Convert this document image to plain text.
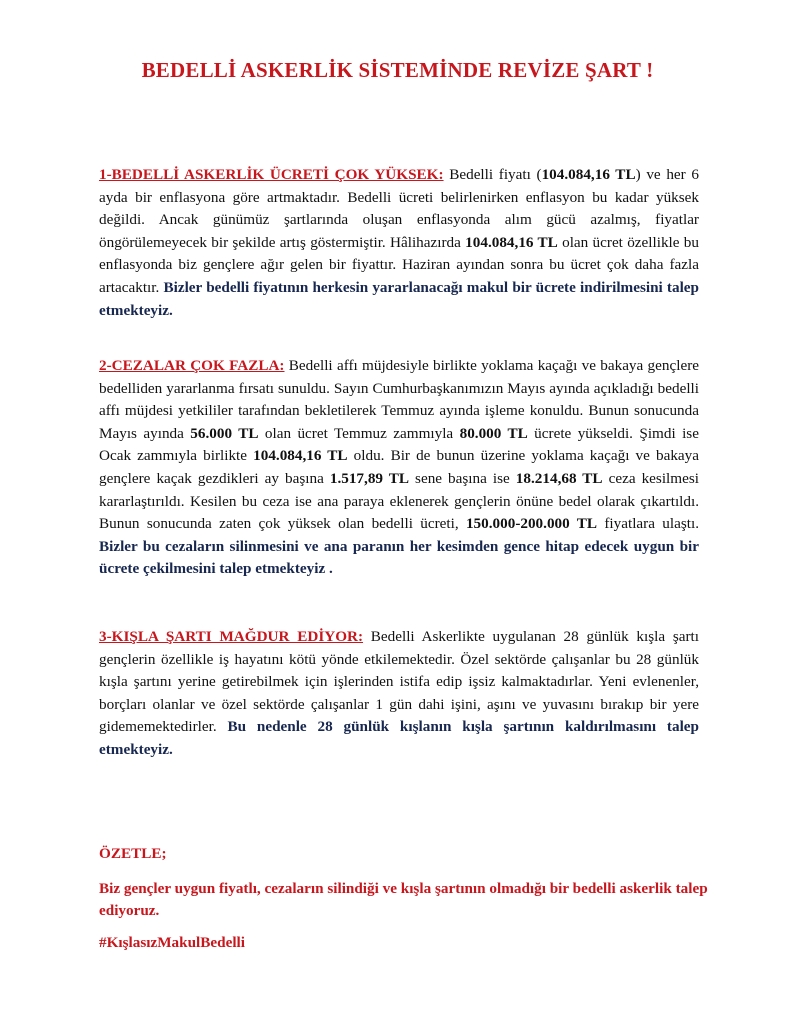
BEDELLİ ASKERLİK SİSTEMİNDE REVİZE ŞART !

1-BEDELLİ ASKERLİK ÜCRETİ ÇOK YÜKSEK: Bedelli fiyatı (104.084,16 TL) ve her 6 ayda bir enflasyona göre artmaktadır. Bedelli ücreti belirlenirken enflasyon bu kadar yüksek değildi. Ancak günümüz şartlarında oluşan enflasyonda alım gücü azalmış, fiyatlar öngörülemeyecek bir şekilde artış göstermiştir. Hâlihazırda 104.084,16 TL olan ücret özellikle bu enflasyonda biz gençlere ağır gelen bir fiyattır. Haziran ayından sonra bu ücret çok daha fazla artacaktır. Bizler bedelli fiyatının herkesin yararlanacağı makul bir ücrete indirilmesini talep etmekteyiz.

2-CEZALAR ÇOK FAZLA: Bedelli affı müjdesiyle birlikte yoklama kaçağı ve bakaya gençlere bedelliden yararlanma fırsatı sunuldu. Sayın Cumhurbaşkanımızın Mayıs ayında açıkladığı bedelli affı müjdesi yetkililer tarafından bekletilerek Temmuz ayında işleme konuldu. Bunun sonucunda Mayıs ayında 56.000 TL olan ücret Temmuz zammıyla 80.000 TL ücrete yükseldi. Şimdi ise Ocak zammıyla birlikte 104.084,16 TL oldu. Bir de bunun üzerine yoklama kaçağı ve bakaya gençlere kaçak gezdikleri ay başına 1.517,89 TL sene başına ise 18.214,68 TL ceza kesilmesi kararlaştırıldı. Kesilen bu ceza ise ana paraya eklenerek gençlerin önüne bedel olarak çıkartıldı. Bunun sonucunda zaten çok yüksek olan bedelli ücreti, 150.000-200.000 TL fiyatlara ulaştı. Bizler bu cezaların silinmesini ve ana paranın her kesimden gence hitap edecek uygun bir ücrete çekilmesini talep etmekteyiz .

3-KIŞLA ŞARTI MAĞDUR EDİYOR: Bedelli Askerlikte uygulanan 28 günlük kışla şartı gençlerin özellikle iş hayatını kötü yönde etkilemektedir. Özel sektörde çalışanlar bu 28 günlük kışla şartını yerine getirebilmek için işlerinden istifa edip işsiz kalmaktadırlar. Yeni evlenenler, borçları olanlar ve özel sektörde çalışanlar 1 gün dahi işini, aşını ve yuvasını bırakıp bir yere gidememektedirler. Bu nedenle 28 günlük kışlanın kışla şartının kaldırılmasını talep etmekteyiz.

ÖZETLE;
Biz gençler uygun fiyatlı, cezaların silindiği ve kışla şartının olmadığı bir bedelli askerlik talep ediyoruz.
#KışlasızMakulBedelli
